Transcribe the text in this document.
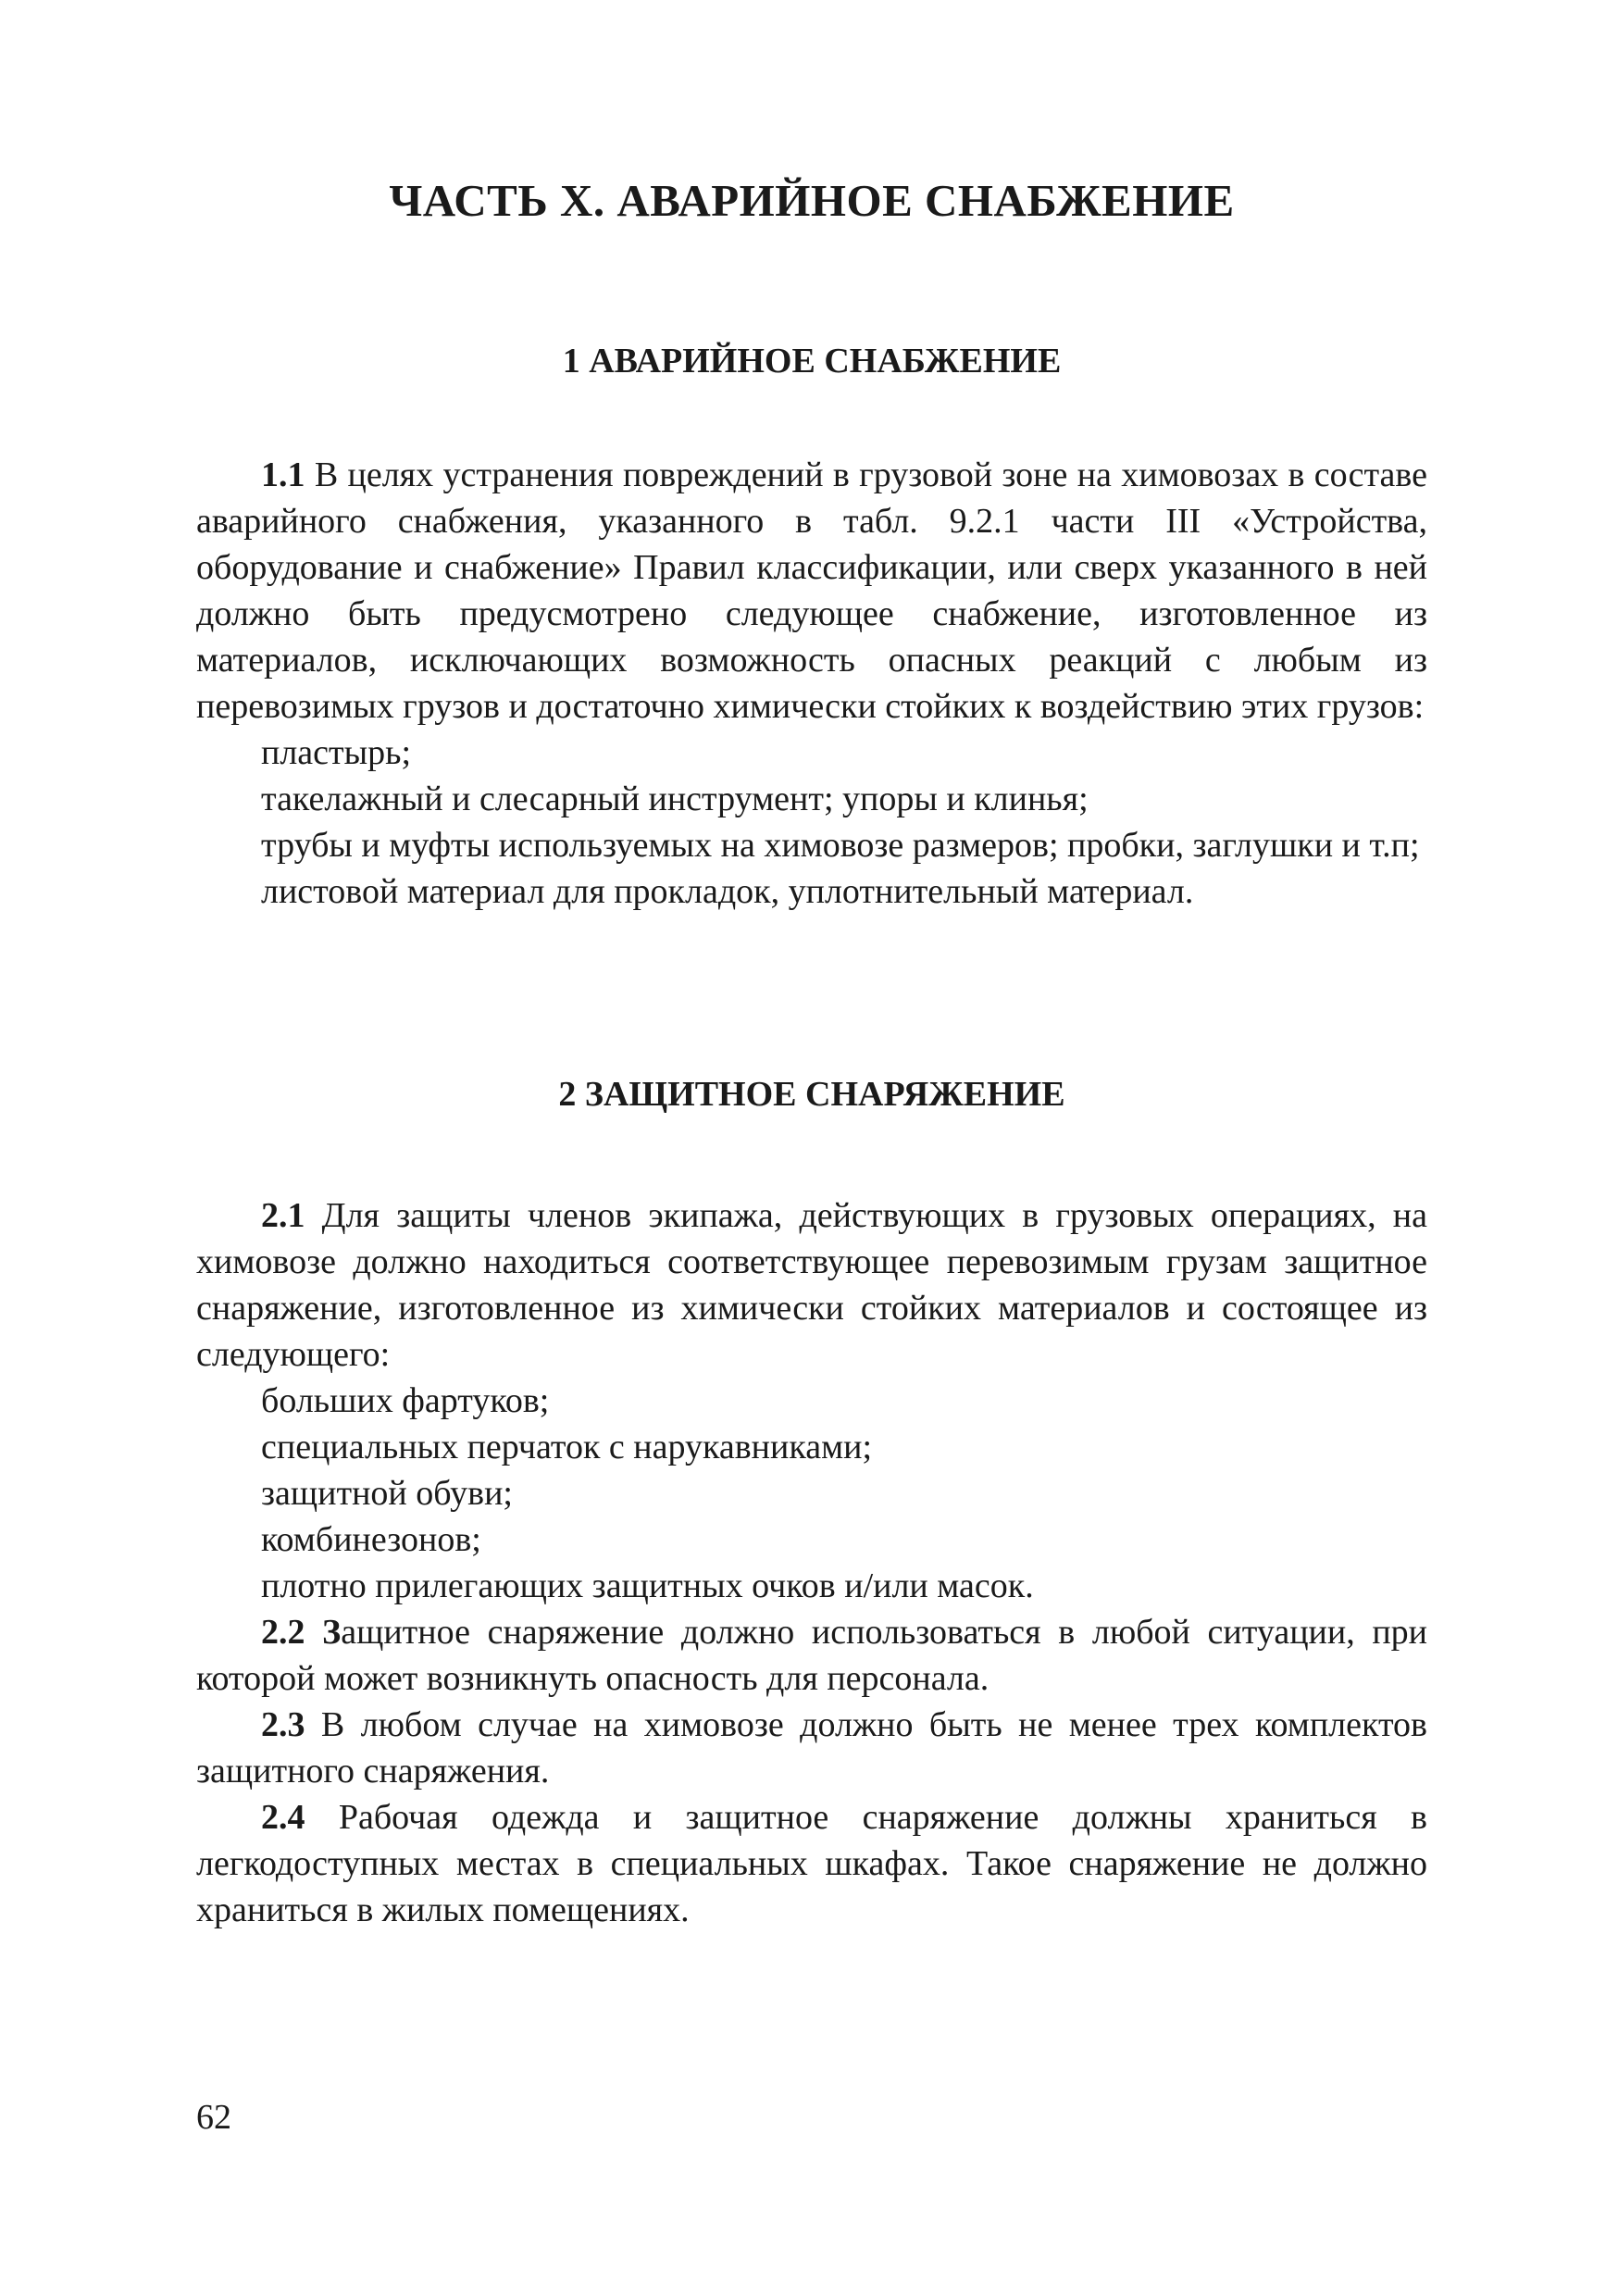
ЧАСТЬ X. АВАРИЙНОЕ СНАБЖЕНИЕ
1 АВАРИЙНОЕ СНАБЖЕНИЕ

1.1 В целях устранения повреждений в грузовой зоне на химовозах в составе аварийного снабжения, указанного в табл. 9.2.1 части III «Устройства, оборудование и снабжение» Правил классификации, или сверх указанного в ней должно быть предусмотрено следующее снабжение, изготовленное из материалов, исключающих возможность опасных реакций с любым из перевозимых грузов и достаточно химически стойких к воздействию этих грузов:

пластырь;

такелажный и слесарный инструмент; упоры и клинья;

трубы и муфты используемых на химовозе размеров; пробки, заглушки и т.п;

листовой материал для прокладок, уплотнительный материал.

2 ЗАЩИТНОЕ СНАРЯЖЕНИЕ

2.1 Для защиты членов экипажа, действующих в грузовых операциях, на химовозе должно находиться соответствующее перевозимым грузам защитное снаряжение, изготовленное из химически стойких материалов и состоящее из следующего:

больших фартуков;

специальных перчаток с нарукавниками;

защитной обуви;

комбинезонов;

плотно прилегающих защитных очков и/или масок.

2.2 Защитное снаряжение должно использоваться в любой ситуации, при которой может возникнуть опасность для персонала.

2.3 В любом случае на химовозе должно быть не менее трех комплектов защитного снаряжения.

2.4 Рабочая одежда и защитное снаряжение должны храниться в легкодоступных местах в специальных шкафах. Такое снаряжение не должно храниться в жилых помещениях.

62
